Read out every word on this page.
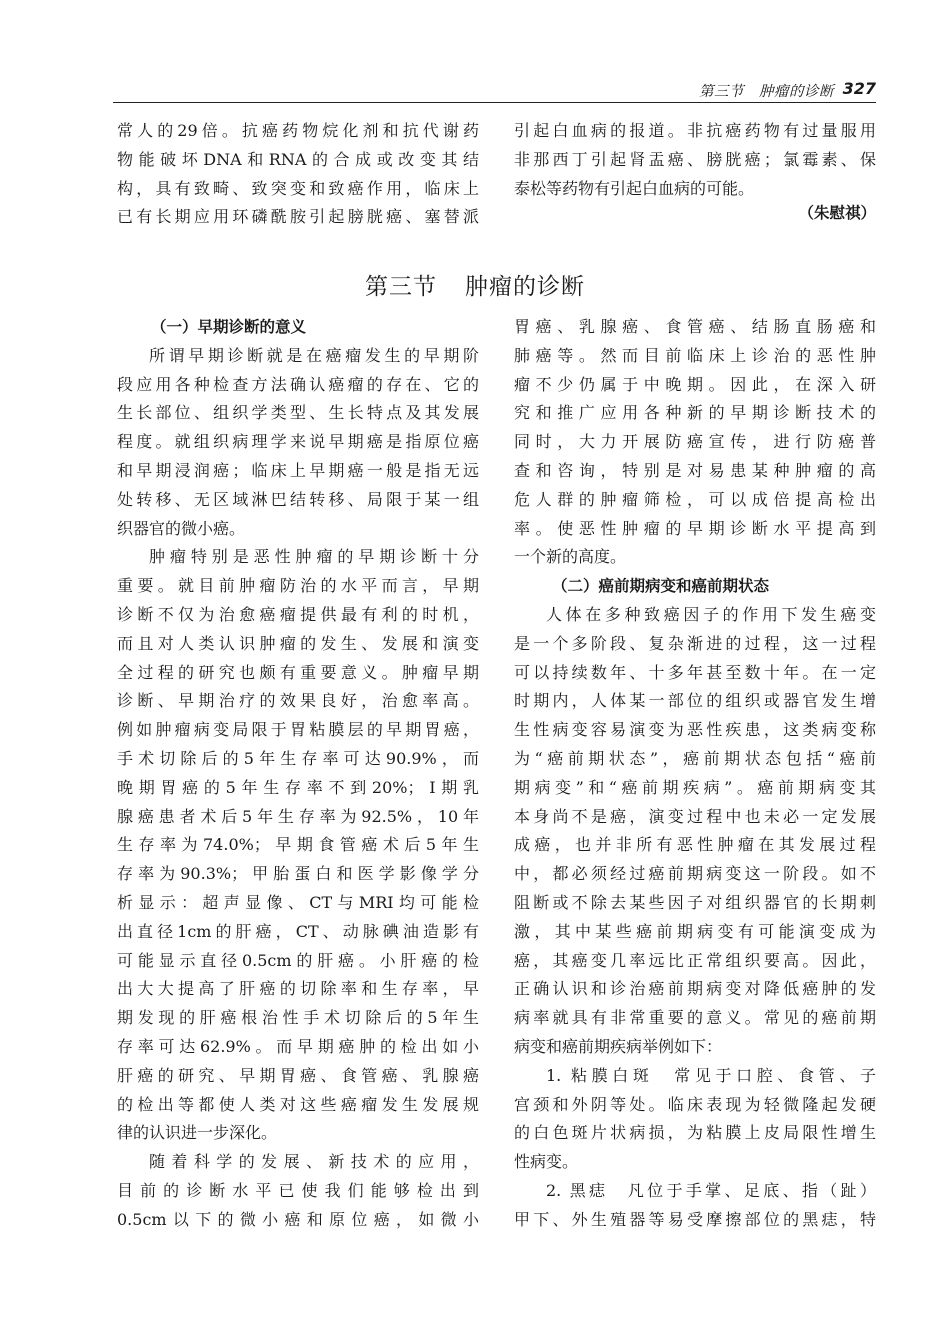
第三节　肿瘤的诊断 327
常人的29倍。抗癌药物烷化剂和抗代谢药
物能破坏DNA和RNA的合成或改变其结
构，具有致畸、致突变和致癌作用，临床上
已有长期应用环磷酰胺引起膀胱癌、塞替派
引起白血病的报道。非抗癌药物有过量服用
非那西丁引起肾盂癌、膀胱癌；氯霉素、保
泰松等药物有引起白血病的可能。
（朱慰祺）
第三节 肿瘤的诊断
（一）早期诊断的意义
所谓早期诊断就是在癌瘤发生的早期阶
段应用各种检查方法确认癌瘤的存在、它的
生长部位、组织学类型、生长特点及其发展
程度。就组织病理学来说早期癌是指原位癌
和早期浸润癌；临床上早期癌一般是指无远
处转移、无区域淋巴结转移、局限于某一组
织器官的微小癌。
肿瘤特别是恶性肿瘤的早期诊断十分
重要。就目前肿瘤防治的水平而言，早期
诊断不仅为治愈癌瘤提供最有利的时机，
而且对人类认识肿瘤的发生、发展和演变
全过程的研究也颇有重要意义。肿瘤早期
诊断、早期治疗的效果良好，治愈率高。
例如肿瘤病变局限于胃粘膜层的早期胃癌，
手术切除后的5年生存率可达90.9%，而
晚期胃癌的5年生存率不到20%；Ⅰ期乳
腺癌患者术后5年生存率为92.5%，10年
生存率为74.0%；早期食管癌术后5年生
存率为90.3%；甲胎蛋白和医学影像学分
析显示：超声显像、CT与MRI均可能检
出直径1cm的肝癌，CT、动脉碘油造影有
可能显示直径0.5cm的肝癌。小肝癌的检
出大大提高了肝癌的切除率和生存率，早
期发现的肝癌根治性手术切除后的5年生
存率可达62.9%。而早期癌肿的检出如小
肝癌的研究、早期胃癌、食管癌、乳腺癌
的检出等都使人类对这些癌瘤发生发展规
律的认识进一步深化。
随着科学的发展、新技术的应用，
目前的诊断水平已使我们能够检出到
0.5cm以下的微小癌和原位癌，如微小
胃癌、乳腺癌、食管癌、结肠直肠癌和
肺癌等。然而目前临床上诊治的恶性肿
瘤不少仍属于中晚期。因此，在深入研
究和推广应用各种新的早期诊断技术的
同时，大力开展防癌宣传，进行防癌普
查和咨询，特别是对易患某种肿瘤的高
危人群的肿瘤筛检，可以成倍提高检出
率。使恶性肿瘤的早期诊断水平提高到
一个新的高度。
（二）癌前期病变和癌前期状态
人体在多种致癌因子的作用下发生癌变
是一个多阶段、复杂渐进的过程，这一过程
可以持续数年、十多年甚至数十年。在一定
时期内，人体某一部位的组织或器官发生增
生性病变容易演变为恶性疾患，这类病变称
为“癌前期状态”，癌前期状态包括“癌前
期病变”和“癌前期疾病”。癌前期病变其
本身尚不是癌，演变过程中也未必一定发展
成癌，也并非所有恶性肿瘤在其发展过程
中，都必须经过癌前期病变这一阶段。如不
阻断或不除去某些因子对组织器官的长期刺
激，其中某些癌前期病变有可能演变成为
癌，其癌变几率远比正常组织要高。因此，
正确认识和诊治癌前期病变对降低癌肿的发
病率就具有非常重要的意义。常见的癌前期
病变和癌前期疾病举例如下：
1. 粘膜白斑　常见于口腔、食管、子
宫颈和外阴等处。临床表现为轻微隆起发硬
的白色斑片状病损，为粘膜上皮局限性增生
性病变。
2. 黑痣　凡位于手掌、足底、指（趾）
甲下、外生殖器等易受摩擦部位的黑痣，特
